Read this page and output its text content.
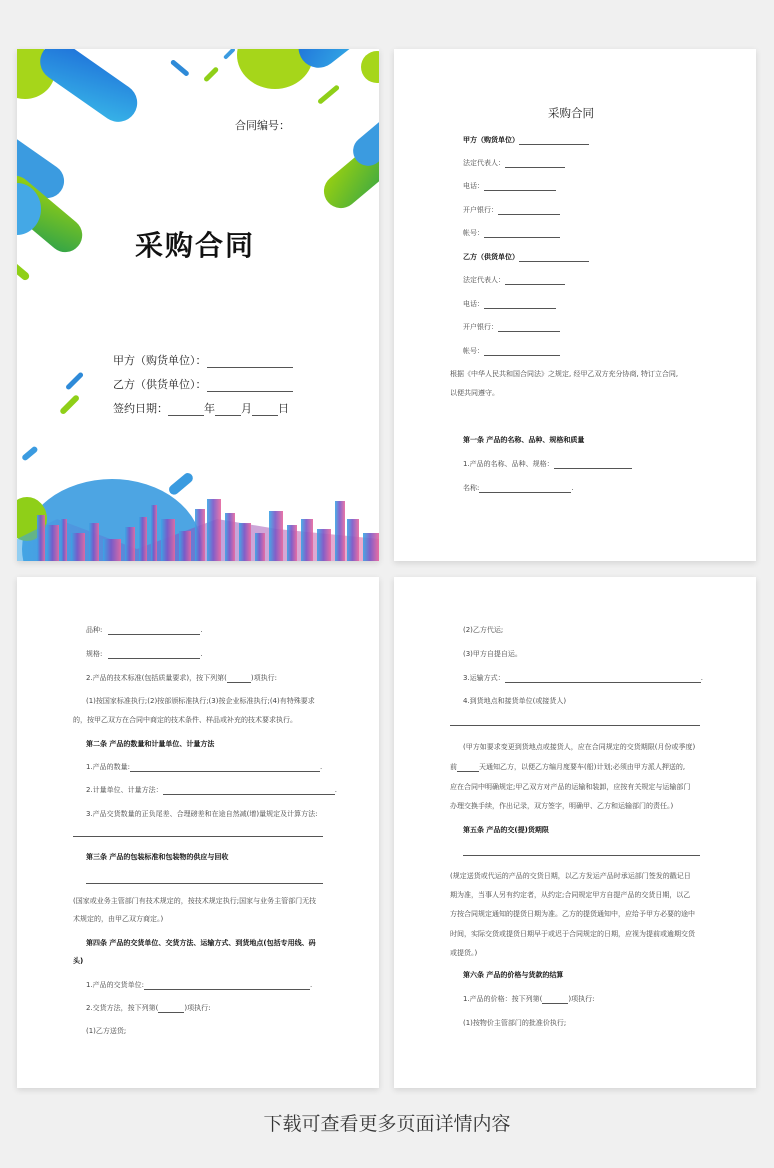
合同编号：
采购合同
甲方（购货单位）：
乙方（供货单位）：
签约日期：	年 月 日
采购合同
甲方（购货单位）
法定代表人：
电话：
开户银行：
帐号：
乙方（供货单位）
法定代表人：
电话：
开户银行：
帐号：
根据《中华人民共和国合同法》之规定, 经甲乙双方充分协商, 特订立合同,
以便共同遵守。
第一条 产品的名称、品种、规格和质量
1.产品的名称、品种、规格：
名称:	.
品种:	.
规格:	.
2.产品的技术标准(包括质量要求)，按下列第(	)项执行:
(1)按国家标准执行;(2)按部颁标准执行;(3)按企业标准执行;(4)有特殊要求
的，按甲乙双方在合同中商定的技术条件、样品或补充的技术要求执行。
第二条 产品的数量和计量单位、计量方法
1.产品的数量:	.
2.计量单位、计量方法：	.
3.产品交货数量的正负尾差、合理磅差和在途自然减(增)量规定及计算方法:
第三条 产品的包装标准和包装物的供应与回收
(国家或业务主管部门有技术规定的，按技术规定执行;国家与业务主管部门无技
术规定的，由甲乙双方商定。)
第四条 产品的交货单位、交货方法、运输方式、到货地点(包括专用线、码
头)
1.产品的交货单位:	.
2.交货方法，按下列第(	)项执行:
(1)乙方送货;
(2)乙方代运;
(3)甲方自提自运。
3.运输方式：	.
4.到货地点和接货单位(或接货人)
(甲方如要求变更到货地点或接货人，应在合同规定的交货期限(月份或季度)
前	天通知乙方，以便乙方编月度要车(船)计划;必须由甲方派人押送的,
应在合同中明确规定;甲乙双方对产品的运输和装卸，应按有关规定与运输部门
办理交换手续，作出记录，双方签字，明确甲、乙方和运输部门的责任。)
第五条 产品的交(提)货期限
(规定送货或代运的产品的交货日期，以乙方发运产品时承运部门签发的戳记日
期为准，当事人另有约定者，从约定;合同规定甲方自提产品的交货日期，以乙
方按合同规定通知的提货日期为准。乙方的提货通知中，应给予甲方必要的途中
时间，实际交货或提货日期早于或迟于合同规定的日期，应视为提前或逾期交货
或提货。)
第六条 产品的价格与货款的结算
1.产品的价格：按下列第(	)项执行:
(1)按物价主管部门的批准价执行;
下载可查看更多页面详情内容
